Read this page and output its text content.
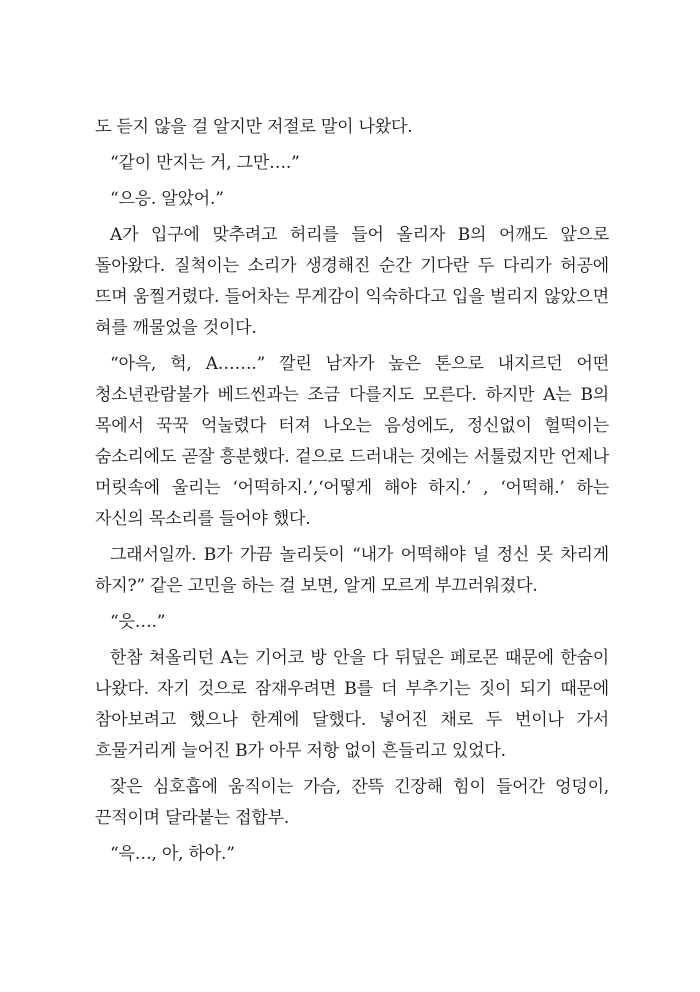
도 듣지 않을 걸 알지만 저절로 말이 나왔다.

“같이 만지는 거, 그만….”

“으응. 알았어.”

A가 입구에 맞추려고 허리를 들어 올리자 B의 어깨도 앞으로 돌아왔다. 질척이는 소리가 생경해진 순간 기다란 두 다리가 허공에 뜨며 움찔거렸다. 들어차는 무게감이 익숙하다고 입을 벌리지 않았으면 혀를 깨물었을 것이다.

“아윽, 헉, A…….” 깔린 남자가 높은 톤으로 내지르던 어떤 청소년관람불가 베드씬과는 조금 다를지도 모른다. 하지만 A는 B의 목에서 꾹꾹 억눌렸다 터져 나오는 음성에도, 정신없이 헐떡이는 숨소리에도 곧잘 흥분했다. 겉으로 드러내는 것에는 서툴렀지만 언제나 머릿속에 울리는 ‘어떡하지.’,‘어떻게 해야 하지.’ , ‘어떡해.’ 하는 자신의 목소리를 들어야 했다.

그래서일까. B가 가끔 놀리듯이 “내가 어떡해야 널 정신 못 차리게 하지?” 같은 고민을 하는 걸 보면, 알게 모르게 부끄러워졌다.

“읏….”

한참 쳐올리던 A는 기어코 방 안을 다 뒤덮은 페로몬 때문에 한숨이 나왔다. 자기 것으로 잠재우려면 B를 더 부추기는 짓이 되기 때문에 참아보려고 했으나 한계에 달했다. 넣어진 채로 두 번이나 가서 흐물거리게 늘어진 B가 아무 저항 없이 흔들리고 있었다.

잦은 심호흡에 움직이는 가슴, 잔뜩 긴장해 힘이 들어간 엉덩이, 끈적이며 달라붙는 접합부.

“윽…, 아, 하아.”
